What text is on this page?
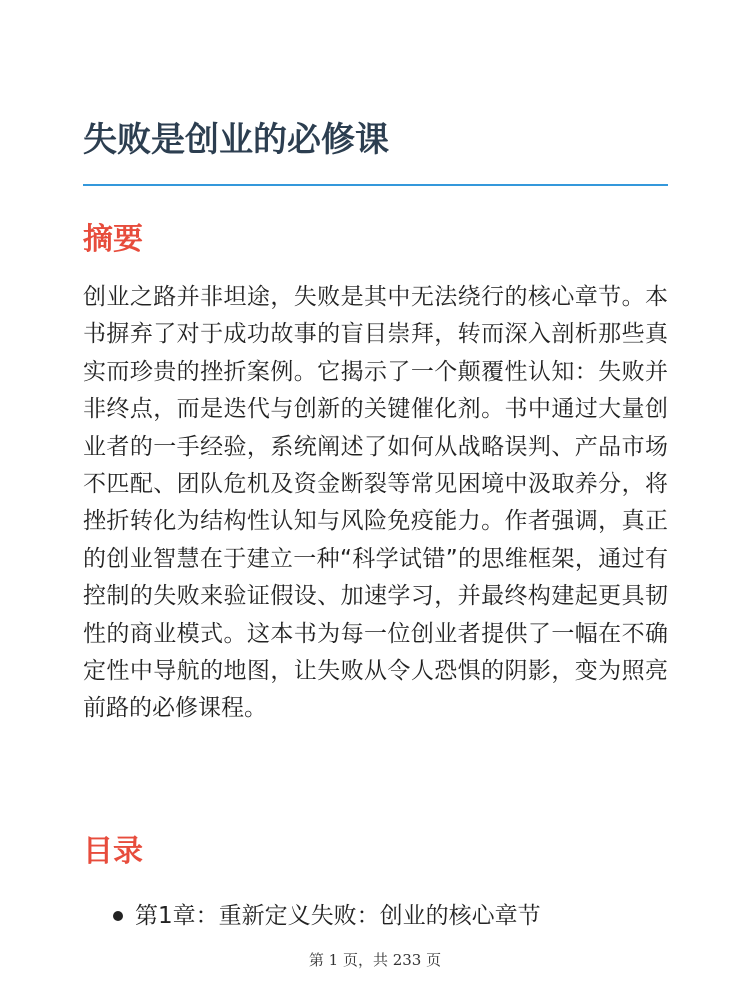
失败是创业的必修课
摘要

创业之路并非坦途，失败是其中无法绕行的核心章节。本书摒弃了对于成功故事的盲目崇拜，转而深入剖析那些真实而珍贵的挫折案例。它揭示了一个颠覆性认知：失败并非终点，而是迭代与创新的关键催化剂。书中通过大量创业者的一手经验，系统阐述了如何从战略误判、产品市场不匹配、团队危机及资金断裂等常见困境中汲取养分，将挫折转化为结构性认知与风险免疫能力。作者强调，真正的创业智慧在于建立一种“科学试错”的思维框架，通过有控制的失败来验证假设、加速学习，并最终构建起更具韧性的商业模式。这本书为每一位创业者提供了一幅在不确定性中导航的地图，让失败从令人恐惧的阴影，变为照亮前路的必修课程。

目录
第1章：重新定义失败：创业的核心章节
第 1 页，共 233 页
